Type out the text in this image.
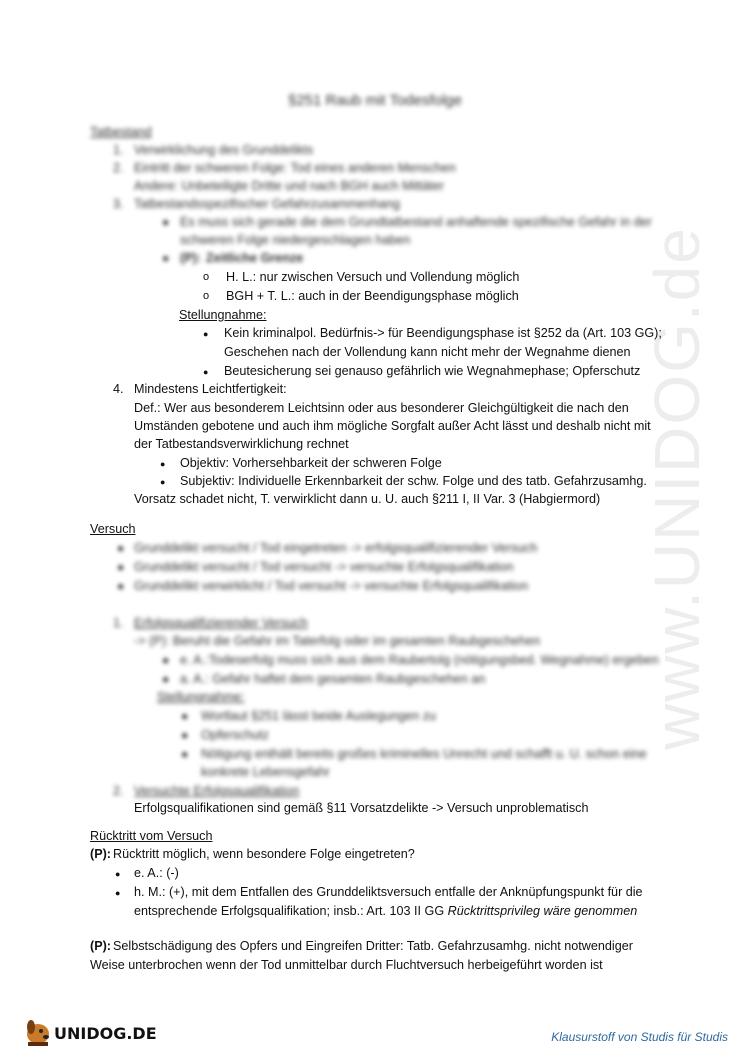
www.UNIDOG.de
§251 Raub mit Todesfolge
Tatbestand
1. Verwirklichung des Grunddelikts
2. Eintritt der schweren Folge: Tod eines anderen Menschen
Andere: Unbeteiligte Dritte und nach BGH auch Mittäter
3. Tatbestandsspezifischer Gefahrzusammenhang
● Es muss sich gerade die dem Grundtatbestand anhaftende spezifische Gefahr in der
schweren Folge niedergeschlagen haben
● (P): Zeitliche Grenze
o H. L.: nur zwischen Versuch und Vollendung möglich
o BGH + T. L.: auch in der Beendigungsphase möglich
Stellungnahme:
● Kein kriminalpol. Bedürfnis-> für Beendigungsphase ist §252 da (Art. 103 GG);
Geschehen nach der Vollendung kann nicht mehr der Wegnahme dienen
● Beutesicherung sei genauso gefährlich wie Wegnahmephase; Opferschutz
4. Mindestens Leichtfertigkeit:
Def.: Wer aus besonderem Leichtsinn oder aus besonderer Gleichgültigkeit die nach den
Umständen gebotene und auch ihm mögliche Sorgfalt außer Acht lässt und deshalb nicht mit
der Tatbestandsverwirklichung rechnet
● Objektiv: Vorhersehbarkeit der schweren Folge
● Subjektiv: Individuelle Erkennbarkeit der schw. Folge und des tatb. Gefahrzusamhg.
Vorsatz schadet nicht, T. verwirklicht dann u. U. auch §211 I, II Var. 3 (Habgiermord)
Versuch
● Grunddelikt versucht / Tod eingetreten -> erfolgsqualifizierender Versuch
● Grunddelikt versucht / Tod versucht -> versuchte Erfolgsqualifikation
● Grunddelikt verwirklicht / Tod versucht -> versuchte Erfolgsqualifikation
1. Erfolgsqualifizierender Versuch
-> (P): Beruht die Gefahr im Taterfolg oder im gesamten Raubgeschehen
● e. A.:Todeserfolg muss sich aus dem Raubertolg (nötigungsbed. Wegnahme) ergeben
● a. A.: Gefahr haftet dem gesamten Raubgeschehen an
Stellungnahme:
● Wortlaut §251 lässt beide Auslegungen zu
● Opferschutz
● Nötigung enthält bereits großes kriminelles Unrecht und schafft u. U. schon eine
konkrete Lebensgefahr
2. Versuchte Erfolgsqualifikation
Erfolgsqualifikationen sind gemäß §11 Vorsatzdelikte -> Versuch unproblematisch
Rücktritt vom Versuch
(P): Rücktritt möglich, wenn besondere Folge eingetreten?
● e. A.: (-)
● h. M.: (+), mit dem Entfallen des Grunddeliktsversuch entfalle der Anknüpfungspunkt für die
entsprechende Erfolgsqualifikation; insb.: Art. 103 II GG Rücktrittsprivileg wäre genommen
(P): Selbstschädigung des Opfers und Eingreifen Dritter: Tatb. Gefahrzusamhg. nicht notwendiger
Weise unterbrochen wenn der Tod unmittelbar durch Fluchtversuch herbeigeführt worden ist
UNIDOG.DE	Klausurstoff von Studis für Studis
